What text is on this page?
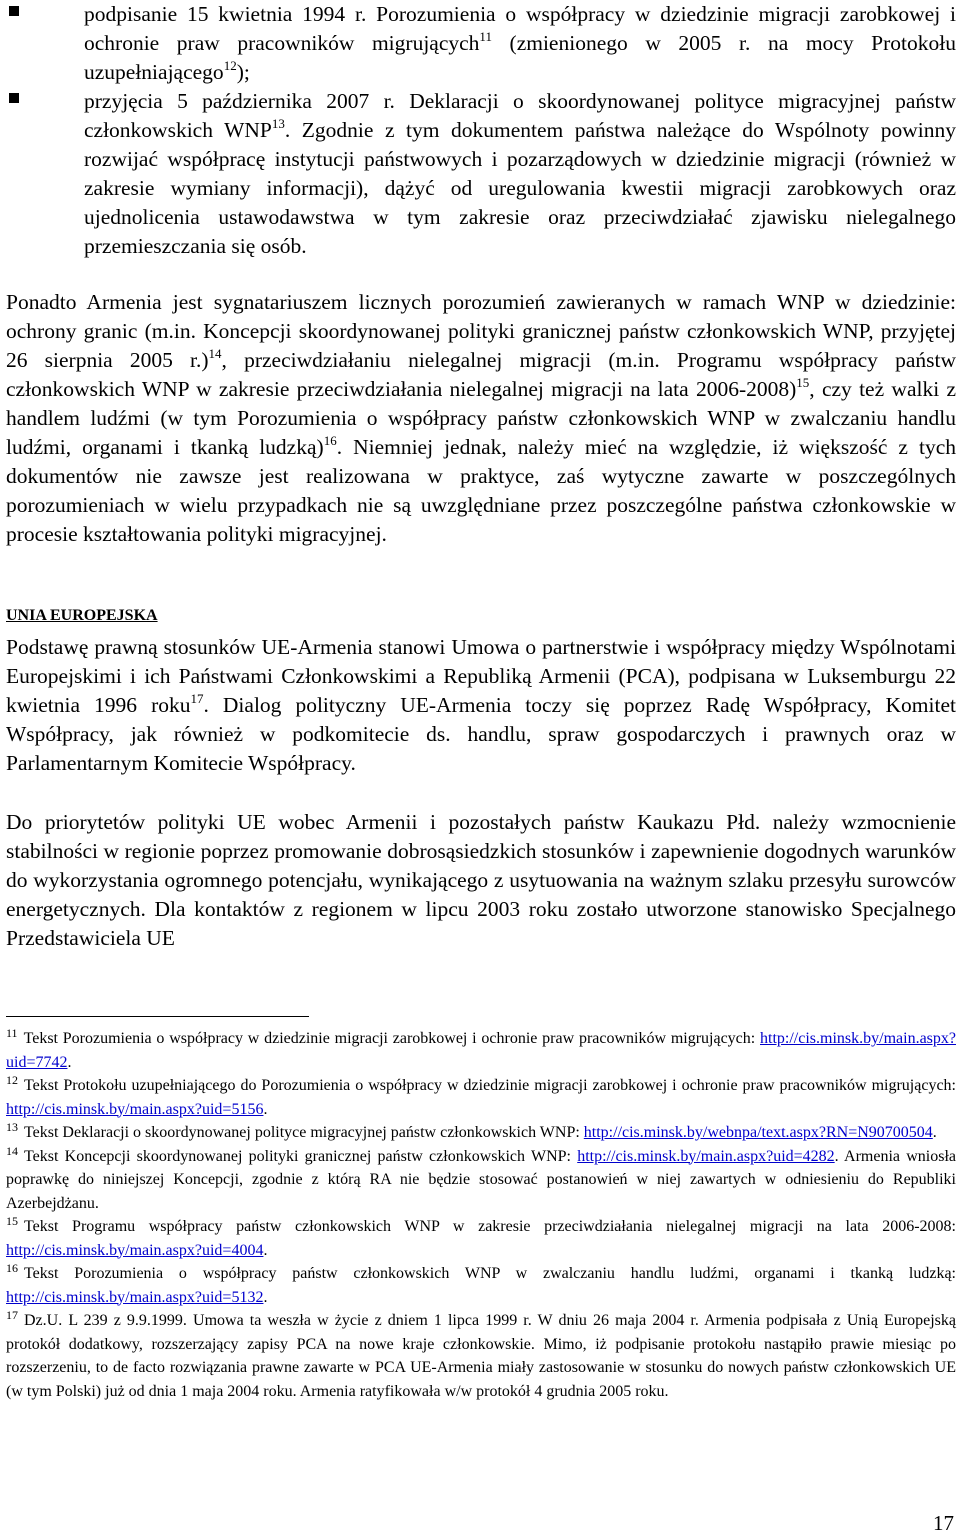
podpisanie 15 kwietnia 1994 r. Porozumienia o współpracy w dziedzinie migracji zarobkowej i ochronie praw pracowników migrujących$^{11}$ (zmienionego w 2005 r. na mocy Protokołu uzupełniającego$^{12}$);
przyjęcia 5 października 2007 r. Deklaracji o skoordynowanej polityce migracyjnej państw członkowskich WNP$^{13}$. Zgodnie z tym dokumentem państwa należące do Wspólnoty powinny rozwijać współpracę instytucji państwowych i pozarządowych w dziedzinie migracji (również w zakresie wymiany informacji), dążyć od uregulowania kwestii migracji zarobkowych oraz ujednolicenia ustawodawstwa w tym zakresie oraz przeciwdziałać zjawisku nielegalnego przemieszczania się osób.
Ponadto Armenia jest sygnatariuszem licznych porozumień zawieranych w ramach WNP w dziedzinie: ochrony granic (m.in. Koncepcji skoordynowanej polityki granicznej państw członkowskich WNP, przyjętej 26 sierpnia 2005 r.)$^{14}$, przeciwdziałaniu nielegalnej migracji (m.in. Programu współpracy państw członkowskich WNP w zakresie przeciwdziałania nielegalnej migracji na lata 2006-2008)$^{15}$, czy też walki z handlem ludźmi (w tym Porozumienia o współpracy państw członkowskich WNP w zwalczaniu handlu ludźmi, organami i tkanką ludzką)$^{16}$. Niemniej jednak, należy mieć na względzie, iż większość z tych dokumentów nie zawsze jest realizowana w praktyce, zaś wytyczne zawarte w poszczególnych porozumieniach w wielu przypadkach nie są uwzględniane przez poszczególne państwa członkowskie w procesie kształtowania polityki migracyjnej.
UNIA EUROPEJSKA
Podstawę prawną stosunków UE-Armenia stanowi Umowa o partnerstwie i współpracy między Wspólnotami Europejskimi i ich Państwami Członkowskimi a Republiką Armenii (PCA), podpisana w Luksemburgu 22 kwietnia 1996 roku$^{17}$. Dialog polityczny UE-Armenia toczy się poprzez Radę Współpracy, Komitet Współpracy, jak również w podkomitecie ds. handlu, spraw gospodarczych i prawnych oraz w Parlamentarnym Komitecie Współpracy.
Do priorytetów polityki UE wobec Armenii i pozostałych państw Kaukazu Płd. należy wzmocnienie stabilności w regionie poprzez promowanie dobrosąsiedzkich stosunków i zapewnienie dogodnych warunków do wykorzystania ogromnego potencjału, wynikającego z usytuowania na ważnym szlaku przesyłu surowców energetycznych. Dla kontaktów z regionem w lipcu 2003 roku zostało utworzone stanowisko Specjalnego Przedstawiciela UE

$^{11}$ Tekst Porozumienia o współpracy w dziedzinie migracji zarobkowej i ochronie praw pracowników migrujących: http://cis.minsk.by/main.aspx?uid=7742.

$^{12}$ Tekst Protokołu uzupełniającego do Porozumienia o współpracy w dziedzinie migracji zarobkowej i ochronie praw pracowników migrujących: http://cis.minsk.by/main.aspx?uid=5156.

$^{13}$ Tekst Deklaracji o skoordynowanej polityce migracyjnej państw członkowskich WNP: http://cis.minsk.by/webnpa/text.aspx?RN=N90700504.

$^{14}$ Tekst Koncepcji skoordynowanej polityki granicznej państw członkowskich WNP: http://cis.minsk.by/main.aspx?uid=4282. Armenia wniosła poprawkę do niniejszej Koncepcji, zgodnie z którą RA nie będzie stosować postanowień w niej zawartych w odniesieniu do Republiki Azerbejdżanu.

$^{15}$ Tekst Programu współpracy państw członkowskich WNP w zakresie przeciwdziałania nielegalnej migracji na lata 2006-2008: http://cis.minsk.by/main.aspx?uid=4004.

$^{16}$ Tekst Porozumienia o współpracy państw członkowskich WNP w zwalczaniu handlu ludźmi, organami i tkanką ludzką: http://cis.minsk.by/main.aspx?uid=5132.

$^{17}$ Dz.U. L 239 z 9.9.1999. Umowa ta weszła w życie z dniem 1 lipca 1999 r. W dniu 26 maja 2004 r. Armenia podpisała z Unią Europejską protokół dodatkowy, rozszerzający zapisy PCA na nowe kraje członkowskie. Mimo, iż podpisanie protokołu nastąpiło prawie miesiąc po rozszerzeniu, to de facto rozwiązania prawne zawarte w PCA UE-Armenia miały zastosowanie w stosunku do nowych państw członkowskich UE (w tym Polski) już od dnia 1 maja 2004 roku. Armenia ratyfikowała w/w protokół 4 grudnia 2005 roku.

17
